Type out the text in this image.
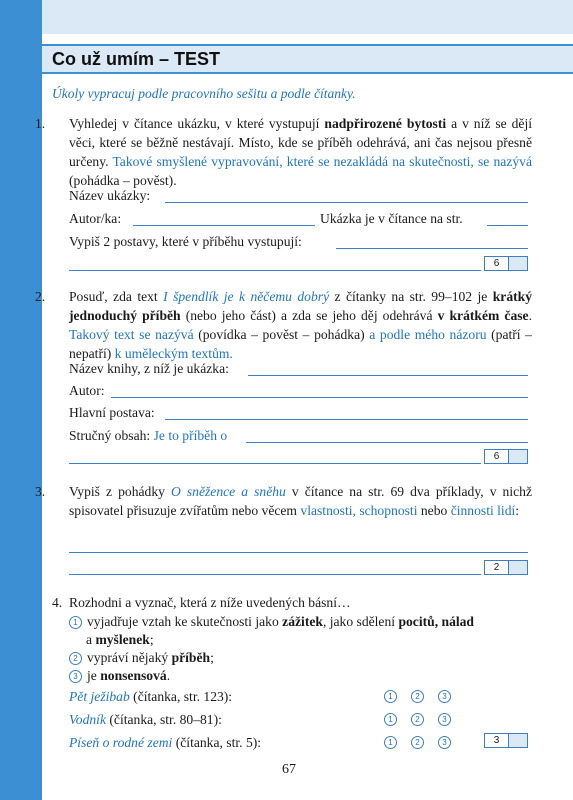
Co už umím – TEST
Úkoly vypracuj podle pracovního sešitu a podle čítanky.

1. Vyhledej v čítance ukázku, v které vystupují nadpřirozené bytosti a v níž se dějí věci, které se běžně nestávají. Místo, kde se příběh odehrává, ani čas nejsou přesně určeny. Takové smyšlené vypravování, které se nezakládá na skutečnosti, se nazývá (pohádka – pověst).

Název ukázky:
Autor/ka:	Ukázka je v čítance na str.
Vypiš 2 postavy, které v příběhu vystupují:
6

2. Posuď, zda text I špendlík je k něčemu dobrý z čítanky na str. 99–102 je krátký jednoduchý příběh (nebo jeho část) a zda se jeho děj odehrává v krátkém čase. Takový text se nazývá (povídka – pověst – pohádka) a podle mého názoru (patří – nepatří) k uměleckým textům.

Název knihy, z níž je ukázka:
Autor:
Hlavní postava:
Stručný obsah: Je to příběh o
6

3. Vypiš z pohádky O sněžence a sněhu v čítance na str. 69 dva příklady, v nichž spisovatel přisuzuje zvířatům nebo věcem vlastnosti, schopnosti nebo činnosti lidí:

2

4. Rozhodni a vyznač, která z níže uvedených básní…

1 vyjadřuje vztah ke skutečnosti jako zážitek, jako sdělení pocitů, nálad
a myšlenek;
2 vypráví nějaký příběh;
3 je nonsensová.
Pět ježibab (čítanka, str. 123):	1	2	3
Vodník (čítanka, str. 80–81):	1	2	3
Píseň o rodné zemi (čítanka, str. 5):	1	2	3	3
67
